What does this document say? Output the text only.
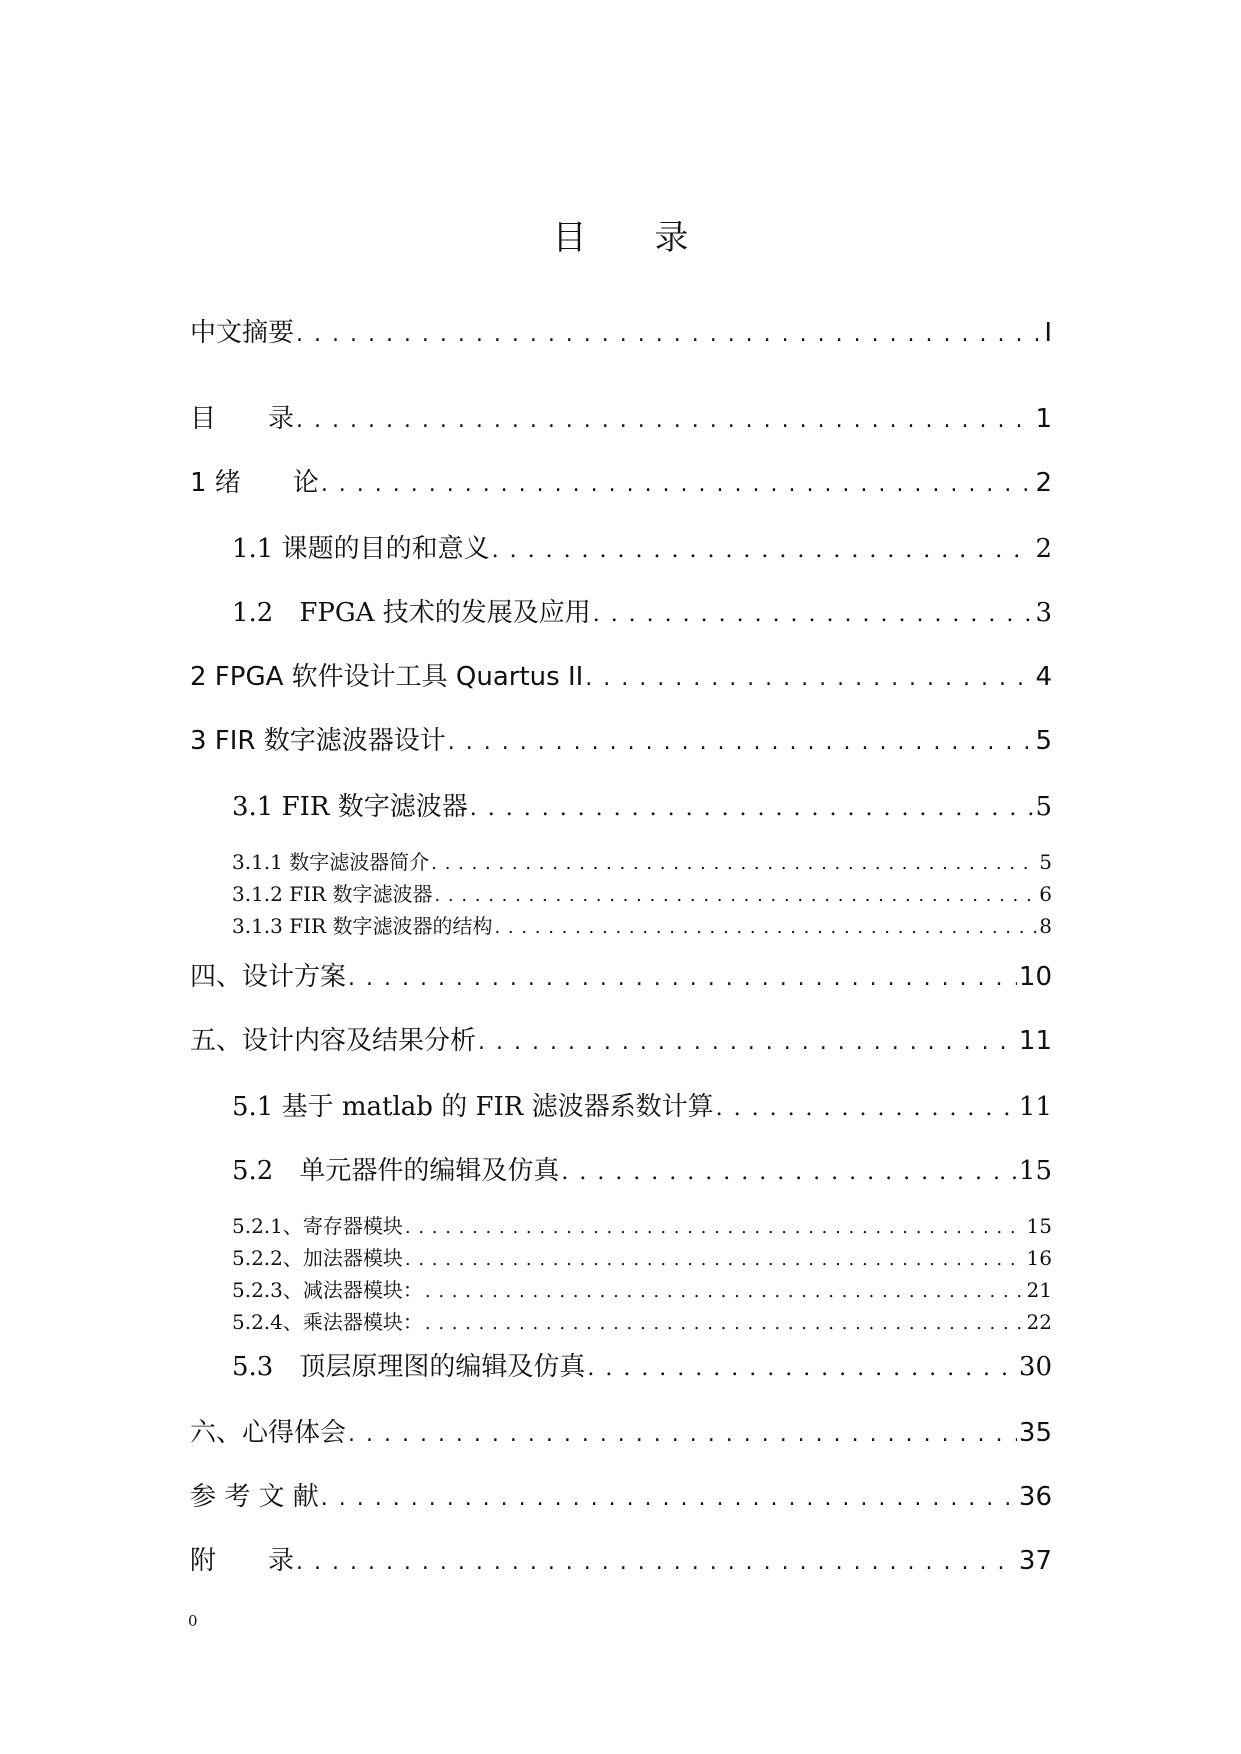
目　　录
中文摘要 . . .	I
目　　录 . . .	1
1 绪　　论 . . .	2
1.1 课题的目的和意义 . . .	2
1.2　FPGA 技术的发展及应用 . . .	3
2 FPGA 软件设计工具 Quartus II . . .	4
3 FIR 数字滤波器设计 . . .	5
3.1 FIR 数字滤波器 . . .	5
3.1.1 数字滤波器简介 . . .	5
3.1.2 FIR 数字滤波器 . . .	6
3.1.3 FIR 数字滤波器的结构 . . .	8
四、设计方案 . . .	10
五、设计内容及结果分析 . . .	11
5.1 基于 matlab 的 FIR 滤波器系数计算 . . .	11
5.2　单元器件的编辑及仿真 . . .	15
5.2.1、寄存器模块 . . .	15
5.2.2、加法器模块 . . .	16
5.2.3、减法器模块： . . .	21
5.2.4、乘法器模块： . . .	22
5.3　顶层原理图的编辑及仿真 . . .	30
六、心得体会 . . .	35
参 考 文 献 . . .	36
附　　录 . . .	37
0
